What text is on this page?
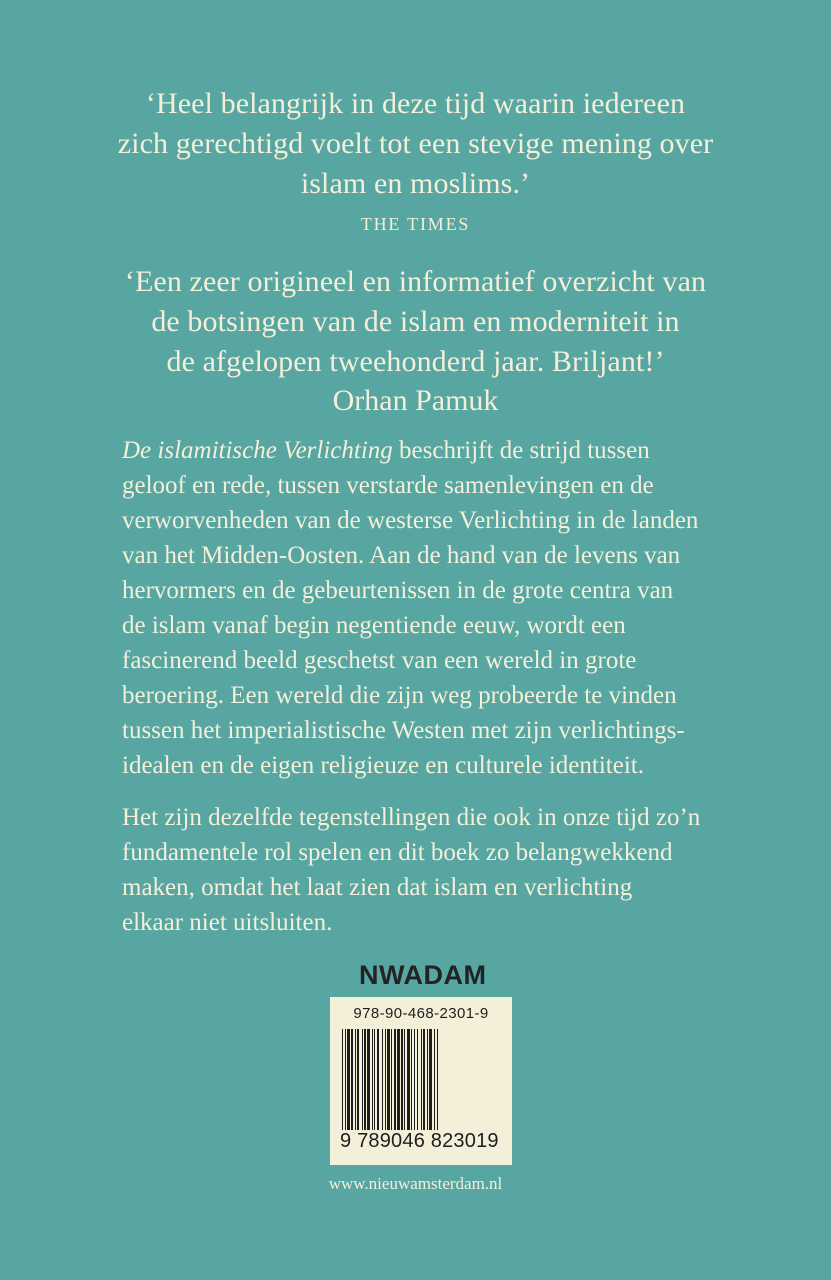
‘Heel belangrijk in deze tijd waarin iedereen
zich gerechtigd voelt tot een stevige mening over
islam en moslims.’
THE TIMES
‘Een zeer origineel en informatief overzicht van
de botsingen van de islam en moderniteit in
de afgelopen tweehonderd jaar. Briljant!’
Orhan Pamuk
De islamitische Verlichting beschrijft de strijd tussen
geloof en rede, tussen verstarde samenlevingen en de
verworvenheden van de westerse Verlichting in de landen
van het Midden-Oosten. Aan de hand van de levens van
hervormers en de gebeurtenissen in de grote centra van
de islam vanaf begin negentiende eeuw, wordt een
fascinerend beeld geschetst van een wereld in grote
beroering. Een wereld die zijn weg probeerde te vinden
tussen het imperialistische Westen met zijn verlichtings-
idealen en de eigen religieuze en culturele identiteit.
Het zijn dezelfde tegenstellingen die ook in onze tijd zo’n
fundamentele rol spelen en dit boek zo belangwekkend
maken, omdat het laat zien dat islam en verlichting
elkaar niet uitsluiten.
NWADAM
978-90-468-2301-9
9 789046 823019
www.nieuwamsterdam.nl
